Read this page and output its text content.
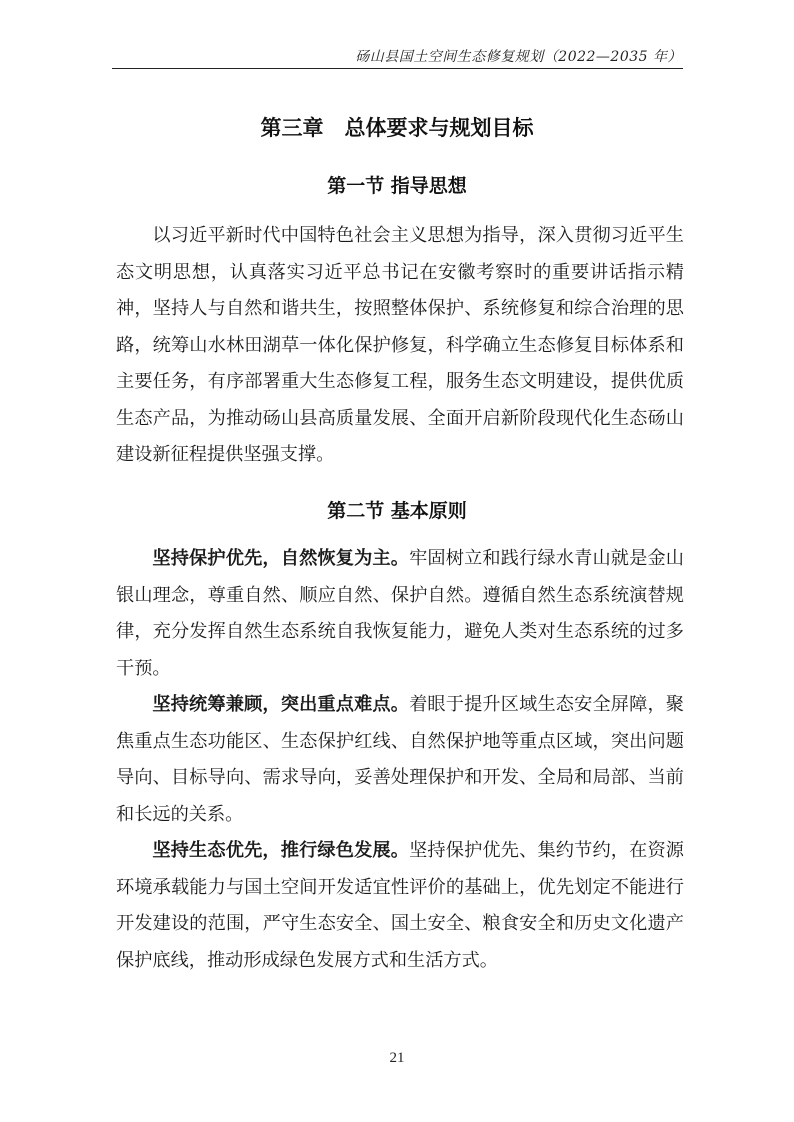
砀山县国土空间生态修复规划（2022—2035 年）
第三章　总体要求与规划目标
第一节 指导思想

以习近平新时代中国特色社会主义思想为指导，深入贯彻习近平生态文明思想，认真落实习近平总书记在安徽考察时的重要讲话指示精神，坚持人与自然和谐共生，按照整体保护、系统修复和综合治理的思路，统筹山水林田湖草一体化保护修复，科学确立生态修复目标体系和主要任务，有序部署重大生态修复工程，服务生态文明建设，提供优质生态产品，为推动砀山县高质量发展、全面开启新阶段现代化生态砀山建设新征程提供坚强支撑。

第二节 基本原则

坚持保护优先，自然恢复为主。牢固树立和践行绿水青山就是金山银山理念，尊重自然、顺应自然、保护自然。遵循自然生态系统演替规律，充分发挥自然生态系统自我恢复能力，避免人类对生态系统的过多干预。

坚持统筹兼顾，突出重点难点。着眼于提升区域生态安全屏障，聚焦重点生态功能区、生态保护红线、自然保护地等重点区域，突出问题导向、目标导向、需求导向，妥善处理保护和开发、全局和局部、当前和长远的关系。

坚持生态优先，推行绿色发展。坚持保护优先、集约节约，在资源环境承载能力与国土空间开发适宜性评价的基础上，优先划定不能进行开发建设的范围，严守生态安全、国土安全、粮食安全和历史文化遗产保护底线，推动形成绿色发展方式和生活方式。

21
